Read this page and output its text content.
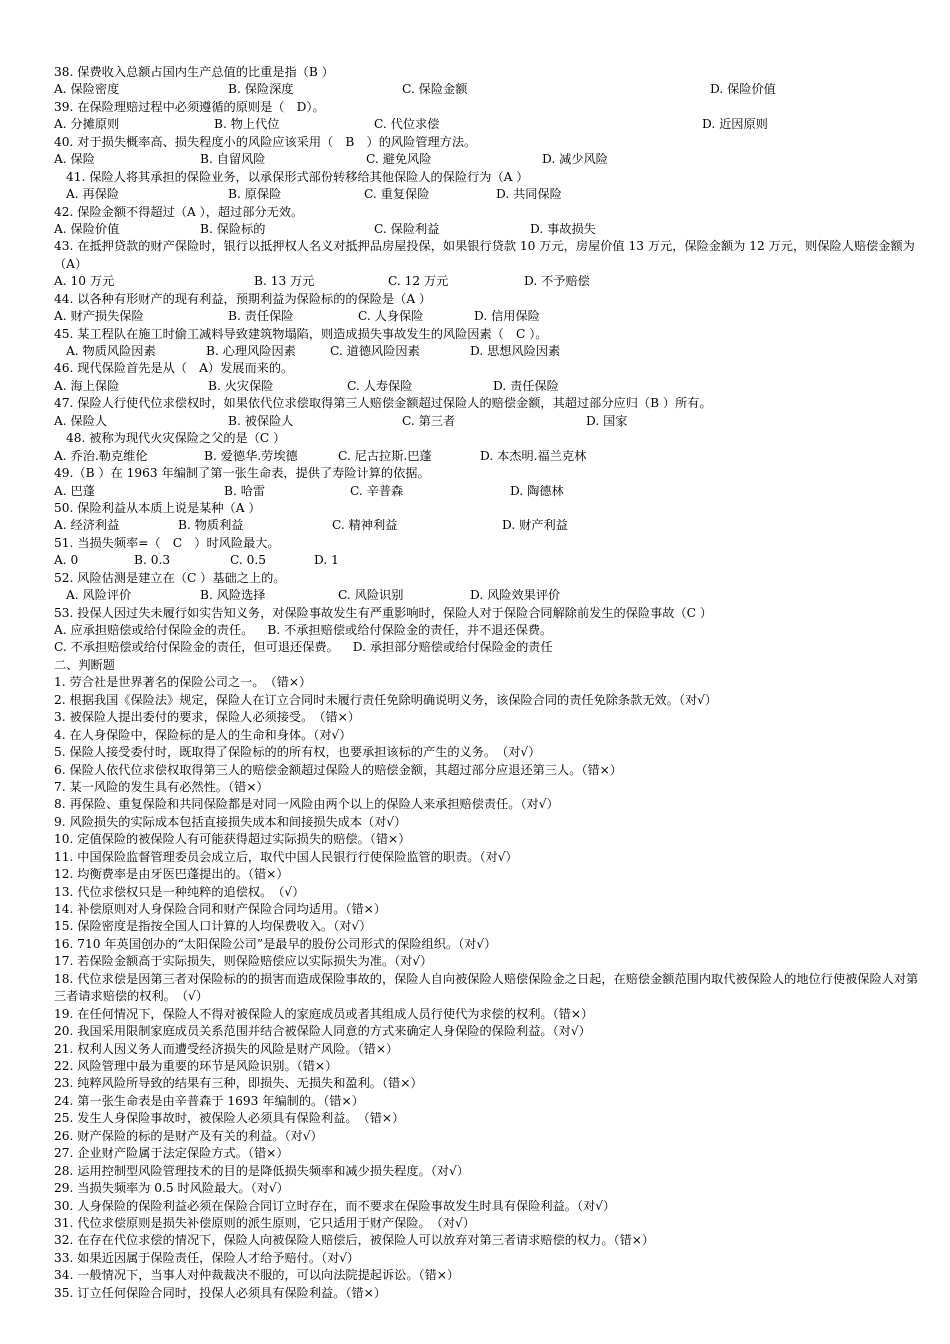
38. 保费收入总额占国内生产总值的比重是指（B ）
A. 保险密度	B. 保险深度	C. 保险金额	D. 保险价值
39. 在保险理赔过程中必须遵循的原则是（　D）。
A. 分摊原则	B. 物上代位	C. 代位求偿	D. 近因原则
40. 对于损失概率高、损失程度小的风险应该采用（　B　）的风险管理方法。
A. 保险	B. 自留风险	C. 避免风险	D. 减少风险
41. 保险人将其承担的保险业务，以承保形式部份转移给其他保险人的保险行为（A ）
A. 再保险	B. 原保险	C. 重复保险	D. 共同保险
42. 保险金额不得超过（A ），超过部分无效。
A. 保险价值	B. 保险标的	C. 保险利益	D. 事故损失
43. 在抵押贷款的财产保险时，银行以抵押权人名义对抵押品房屋投保，如果银行贷款 10 万元，房屋价值 13 万元，保险金额为 12 万元，则保险人赔偿金额为（A）
A. 10 万元	B. 13 万元	C. 12 万元	D. 不予赔偿
44. 以各种有形财产的现有利益，预期利益为保险标的的保险是（A ）
A. 财产损失保险	B. 责任保险	C. 人身保险	D. 信用保险
45. 某工程队在施工时偷工减料导致建筑物塌陷，则造成损失事故发生的风险因素（　C ）。
A. 物质风险因素	B. 心理风险因素	C. 道德风险因素	D. 思想风险因素
46. 现代保险首先是从（　A）发展而来的。
A. 海上保险	B. 火灾保险	C. 人寿保险	D. 责任保险
47. 保险人行使代位求偿权时，如果依代位求偿取得第三人赔偿金额超过保险人的赔偿金额，其超过部分应归（B ）所有。
A. 保险人	B. 被保险人	C. 第三者	D. 国家
48. 被称为现代火灾保险之父的是（C ）
A. 乔治.勒克维伦	B. 爱德华.劳埃德	C. 尼古拉斯.巴蓬	D. 本杰明.福兰克林
49.（B ）在 1963 年编制了第一张生命表，提供了寿险计算的依据。
A. 巴蓬	B. 哈雷	C. 辛普森	D. 陶德林
50. 保险利益从本质上说是某种（A ）
A. 经济利益	B. 物质利益	C. 精神利益	D. 财产利益
51. 当损失频率=（　C　）时风险最大。
A. 0	B. 0.3	C. 0.5	D. 1
52. 风险估测是建立在（C ）基础之上的。
A. 风险评价	B. 风险选择	C. 风险识别	D. 风险效果评价
53. 投保人因过失未履行如实告知义务，对保险事故发生有严重影响时，保险人对于保险合同解除前发生的保险事故（C ）
A. 应承担赔偿或给付保险金的责任。 B. 不承担赔偿或给付保险金的责任，并不退还保费。
C. 不承担赔偿或给付保险金的责任，但可退还保费。 D. 承担部分赔偿或给付保险金的责任
二、判断题
1. 劳合社是世界著名的保险公司之一。　（错×）
2. 根据我国《保险法》规定，保险人在订立合同时未履行责任免除明确说明义务，该保险合同的责任免除条款无效。（对√）
3. 被保险人提出委付的要求，保险人必须接受。　（错×）
4. 在人身保险中，保险标的是人的生命和身体。（对√）
5. 保险人接受委付时，既取得了保险标的的所有权，也要承担该标的产生的义务。　（对√）
6. 保险人依代位求偿权取得第三人的赔偿金额超过保险人的赔偿金额，其超过部分应退还第三人。（错×）
7. 某一风险的发生具有必然性。（错×）
8. 再保险、重复保险和共同保险都是对同一风险由两个以上的保险人来承担赔偿责任。（对√）
9. 风险损失的实际成本包括直接损失成本和间接损失成本（对√）
10. 定值保险的被保险人有可能获得超过实际损失的赔偿。（错×）
11. 中国保险监督管理委员会成立后，取代中国人民银行行使保险监管的职责。（对√）
12. 均衡费率是由牙医巴蓬提出的。（错×）
13. 代位求偿权只是一种纯粹的追偿权。　（√）
14. 补偿原则对人身保险合同和财产保险合同均适用。（错×）
15. 保险密度是指按全国人口计算的人均保费收入。（对√）
16. 710 年英国创办的“太阳保险公司”是最早的股份公司形式的保险组织。（对√）
17. 若保险金额高于实际损失，则保险赔偿应以实际损失为准。（对√）
18. 代位求偿是因第三者对保险标的的损害而造成保险事故的，保险人自向被保险人赔偿保险金之日起，在赔偿金额范围内取代被保险人的地位行使被保险人对第三者请求赔偿的权利。　（√）
19. 在任何情况下，保险人不得对被保险人的家庭成员或者其组成人员行使代为求偿的权利。（错×）
20. 我国采用限制家庭成员关系范围并结合被保险人同意的方式来确定人身保险的保险利益。（对√）
21. 权利人因义务人而遭受经济损失的风险是财产风险。（错×）
22. 风险管理中最为重要的环节是风险识别。（错×）
23. 纯粹风险所导致的结果有三种，即损失、无损失和盈利。（错×）
24. 第一张生命表是由辛普森于 1693 年编制的。（错×）
25. 发生人身保险事故时，被保险人必须具有保险利益。　（错×）
26. 财产保险的标的是财产及有关的利益。（对√）
27. 企业财产险属于法定保险方式。（错×）
28. 运用控制型风险管理技术的目的是降低损失频率和减少损失程度。（对√）
29. 当损失频率为 0.5 时风险最大。（对√）
30. 人身保险的保险利益必须在保险合同订立时存在，而不要求在保险事故发生时具有保险利益。（对√）
31. 代位求偿原则是损失补偿原则的派生原则，它只适用于财产保险。　（对√）
32. 在存在代位求偿的情况下，保险人向被保险人赔偿后，被保险人可以放弃对第三者请求赔偿的权力。（错×）
33. 如果近因属于保险责任，保险人才给予赔付。（对√）
34. 一般情况下，当事人对仲裁裁决不服的，可以向法院提起诉讼。（错×）
35. 订立任何保险合同时，投保人必须具有保险利益。（错×）
